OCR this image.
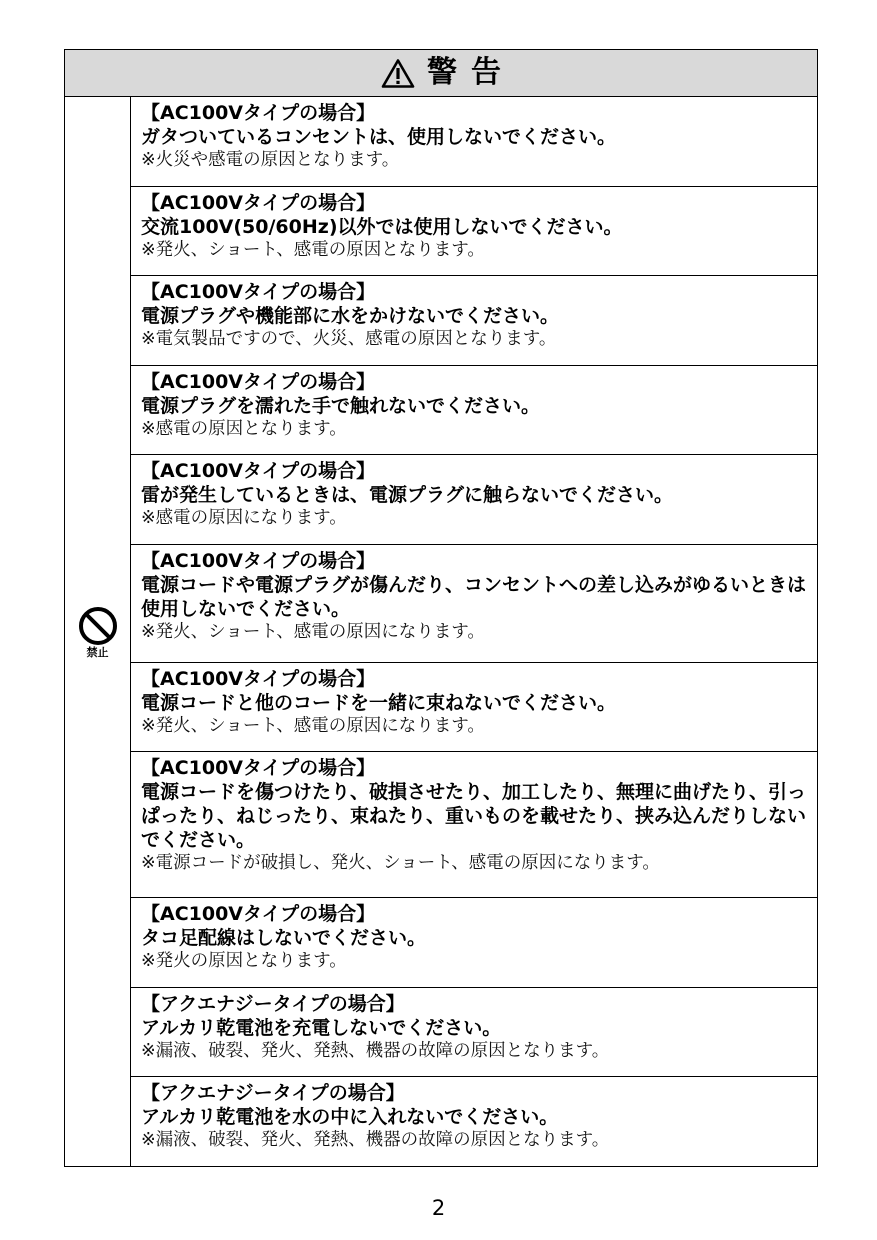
警告
禁止
【AC100Vタイプの場合】
ガタついているコンセントは、使用しないでください。
※火災や感電の原因となります。
【AC100Vタイプの場合】
交流100V(50/60Hz)以外では使用しないでください。
※発火、ショート、感電の原因となります。
【AC100Vタイプの場合】
電源プラグや機能部に水をかけないでください。
※電気製品ですので、火災、感電の原因となります。
【AC100Vタイプの場合】
電源プラグを濡れた手で触れないでください。
※感電の原因となります。
【AC100Vタイプの場合】
雷が発生しているときは、電源プラグに触らないでください。
※感電の原因になります。
【AC100Vタイプの場合】
電源コードや電源プラグが傷んだり、コンセントへの差し込みがゆるいときは使用しないでください。
※発火、ショート、感電の原因になります。
【AC100Vタイプの場合】
電源コードと他のコードを一緒に束ねないでください。
※発火、ショート、感電の原因になります。
【AC100Vタイプの場合】
電源コードを傷つけたり、破損させたり、加工したり、無理に曲げたり、引っぱったり、ねじったり、束ねたり、重いものを載せたり、挟み込んだりしないでください。
※電源コードが破損し、発火、ショート、感電の原因になります。
【AC100Vタイプの場合】
タコ足配線はしないでください。
※発火の原因となります。
【アクエナジータイプの場合】
アルカリ乾電池を充電しないでください。
※漏液、破裂、発火、発熱、機器の故障の原因となります。
【アクエナジータイプの場合】
アルカリ乾電池を水の中に入れないでください。
※漏液、破裂、発火、発熱、機器の故障の原因となります。
2
